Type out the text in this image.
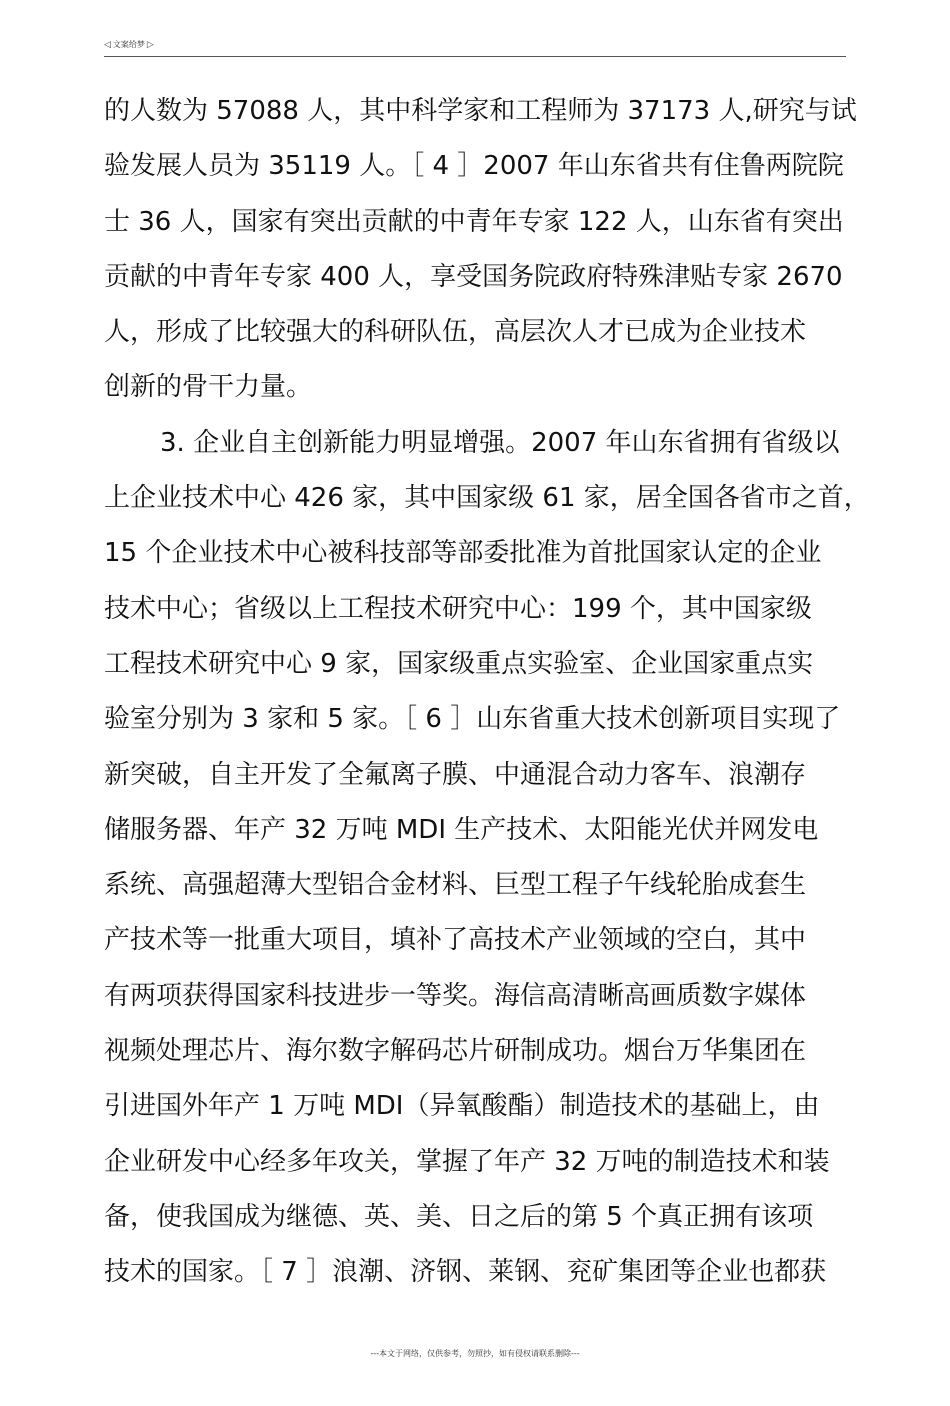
◁ 文案给梦 ▷
的人数为 57088 人，其中科学家和工程师为 37173 人,研究与试
验发展人员为 35119 人。［ 4 ］2007 年山东省共有住鲁两院院
士 36 人，国家有突出贡献的中青年专家 122 人，山东省有突出
贡献的中青年专家 400 人，享受国务院政府特殊津贴专家 2670
人，形成了比较强大的科研队伍，高层次人才已成为企业技术
创新的骨干力量。
3. 企业自主创新能力明显增强。2007 年山东省拥有省级以
上企业技术中心 426 家，其中国家级 61 家，居全国各省市之首，
15 个企业技术中心被科技部等部委批准为首批国家认定的企业
技术中心；省级以上工程技术研究中心：199 个，其中国家级
工程技术研究中心 9 家，国家级重点实验室、企业国家重点实
验室分别为 3 家和 5 家。［ 6 ］山东省重大技术创新项目实现了
新突破，自主开发了全氟离子膜、中通混合动力客车、浪潮存
储服务器、年产 32 万吨 MDI 生产技术、太阳能光伏并网发电
系统、高强超薄大型铝合金材料、巨型工程子午线轮胎成套生
产技术等一批重大项目，填补了高技术产业领域的空白，其中
有两项获得国家科技进步一等奖。海信高清晰高画质数字媒体
视频处理芯片、海尔数字解码芯片研制成功。烟台万华集团在
引进国外年产 1 万吨 MDI（异氧酸酯）制造技术的基础上，由
企业研发中心经多年攻关，掌握了年产 32 万吨的制造技术和装
备，使我国成为继德、英、美、日之后的第 5 个真正拥有该项
技术的国家。［ 7 ］浪潮、济钢、莱钢、兖矿集团等企业也都获
---本文于网络，仅供参考，勿照抄，如有侵权请联系删除---
